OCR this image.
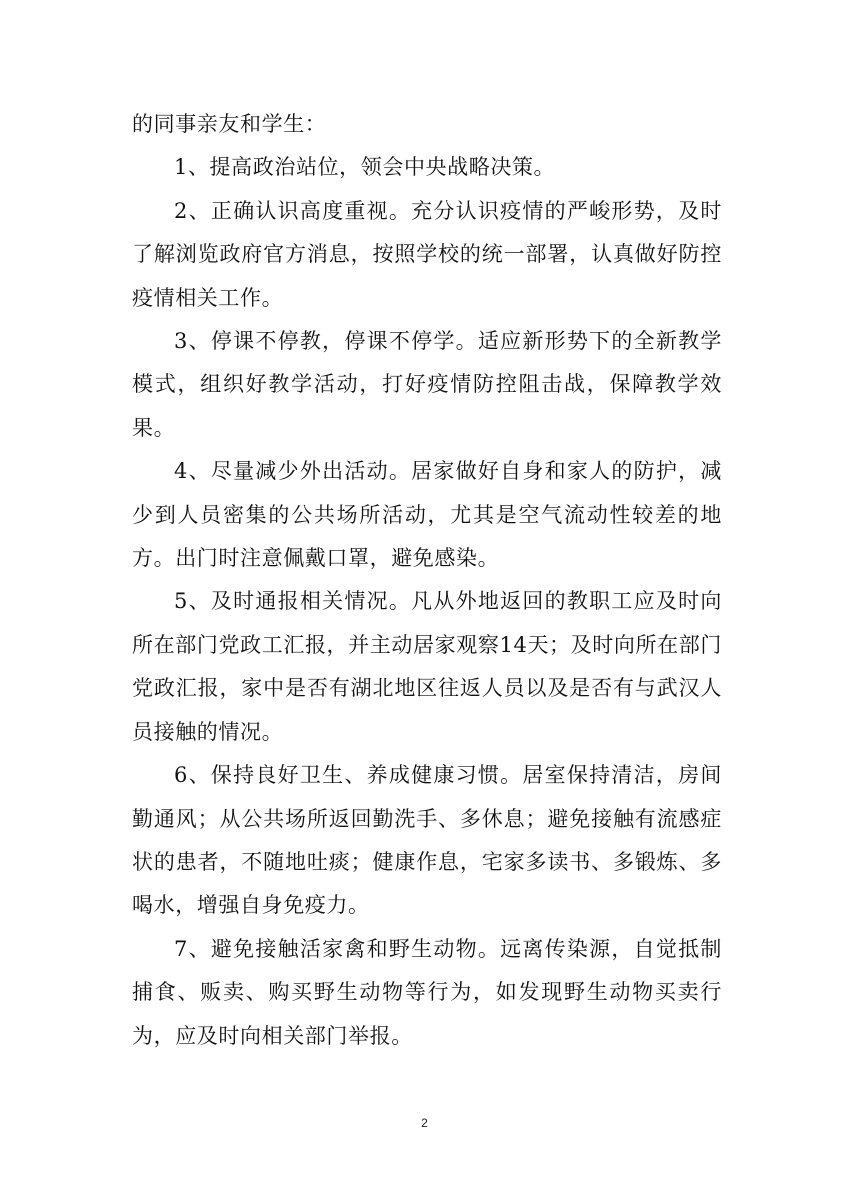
的同事亲友和学生：

1、提高政治站位，领会中央战略决策。

2、正确认识高度重视。充分认识疫情的严峻形势，及时了解浏览政府官方消息，按照学校的统一部署，认真做好防控疫情相关工作。

3、停课不停教，停课不停学。适应新形势下的全新教学模式，组织好教学活动，打好疫情防控阻击战，保障教学效果。

4、尽量减少外出活动。居家做好自身和家人的防护，减少到人员密集的公共场所活动，尤其是空气流动性较差的地方。出门时注意佩戴口罩，避免感染。

5、及时通报相关情况。凡从外地返回的教职工应及时向所在部门党政工汇报，并主动居家观察14天；及时向所在部门党政汇报，家中是否有湖北地区往返人员以及是否有与武汉人员接触的情况。

6、保持良好卫生、养成健康习惯。居室保持清洁，房间勤通风；从公共场所返回勤洗手、多休息；避免接触有流感症状的患者，不随地吐痰；健康作息，宅家多读书、多锻炼、多喝水，增强自身免疫力。

7、避免接触活家禽和野生动物。远离传染源，自觉抵制捕食、贩卖、购买野生动物等行为，如发现野生动物买卖行为，应及时向相关部门举报。

2
